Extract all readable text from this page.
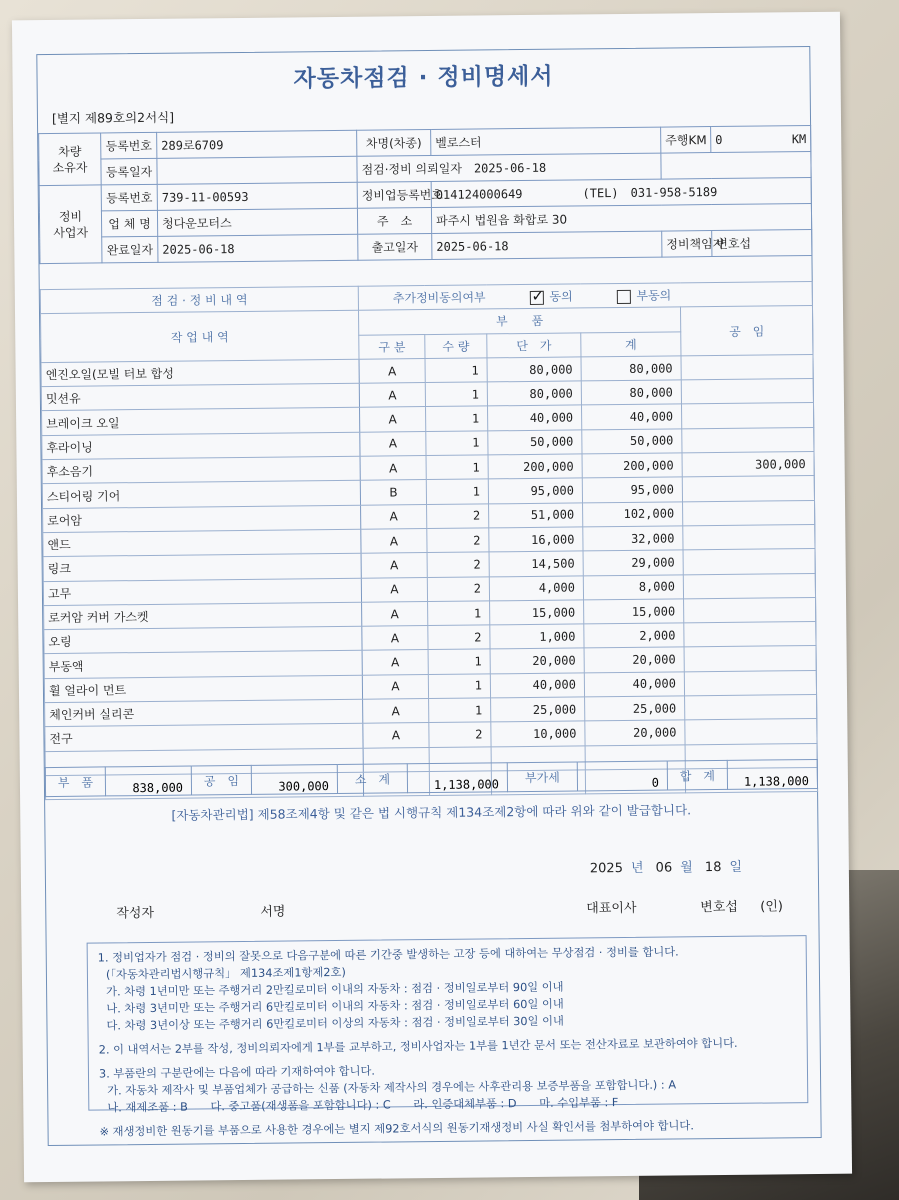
자동차점검 · 정비명세서
[별지 제89호의2서식]
차량
소유자	등록번호	289로6709	차명(차종)	벨로스터	주행KM	0 KM

	등록일자		점검·정비 의뢰일자　 2025-06-18			
정비
사업자	등록번호	739-11-00593	정비업등록번호	014124000649 (TEL)　 031-958-5189		
	업 체 명	청다운모터스	주　소	파주시 법원읍 화합로 30		
	완료일자	2025-06-18	출고일자	2025-06-18	정비책임자	변호섭
점 검 · 정 비 내 역	추가정비동의여부 ✓ 동의 부동의
작 업 내 역	부　　품				공　임
	구 분	수 량	단　가	계	
엔진오일(모빌 터보 합성	A	1	80,000	80,000	
밋션유	A	1	80,000	80,000	
브레이크 오일	A	1	40,000	40,000	
후라이닝	A	1	50,000	50,000	
후소음기	A	1	200,000	200,000	300,000
스티어링 기어	B	1	95,000	95,000	
로어암	A	2	51,000	102,000	
앤드	A	2	16,000	32,000	
링크	A	2	14,500	29,000	
고무	A	2	4,000	8,000	
로커암 커버 가스켓	A	1	15,000	15,000	
오링	A	2	1,000	2,000	
부동액	A	1	20,000	20,000	
휠 얼라이 먼트	A	1	40,000	40,000	
체인커버 실리콘	A	1	25,000	25,000	
전구	A	2	10,000	20,000	

부　품	838,000	공　임	300,000	소　계	1,138,000	부가세	0	합　계	1,138,000
[자동차관리법] 제58조제4항 및 같은 법 시행규칙 제134조제2항에 따라 위와 같이 발급합니다.
2025 년 06 월 18 일
작성자	서명	대표이사	변호섭 (인)

1. 정비업자가 점검 · 정비의 잘못으로 다음구분에 따른 기간중 발생하는 고장 등에 대하여는 무상점검 · 정비를 합니다.

(「자동차관리법시행규칙」 제134조제1항제2호)

가. 차령 1년미만 또는 주행거리 2만킬로미터 이내의 자동차 : 점검 · 정비일로부터 90일 이내

나. 차령 3년미만 또는 주행거리 6만킬로미터 이내의 자동차 : 점검 · 정비일로부터 60일 이내

다. 차령 3년이상 또는 주행거리 6만킬로미터 이상의 자동차 : 점검 · 정비일로부터 30일 이내

2. 이 내역서는 2부를 작성, 정비의뢰자에게 1부를 교부하고, 정비사업자는 1부를 1년간 문서 또는 전산자료로 보관하여야 합니다.

3. 부품란의 구분란에는 다음에 따라 기재하여야 합니다.

가. 자동차 제작사 및 부품업체가 공급하는 신품 (자동차 제작사의 경우에는 사후관리용 보증부품을 포함합니다.) : A

나. 재제조품 : B　　다. 중고품(재생품을 포함합니다) : C　　라. 인증대체부품 : D　　마. 수입부품 : F

※ 재생정비한 원동기를 부품으로 사용한 경우에는 별지 제92호서식의 원동기재생정비 사실 확인서를 첨부하여야 합니다.
